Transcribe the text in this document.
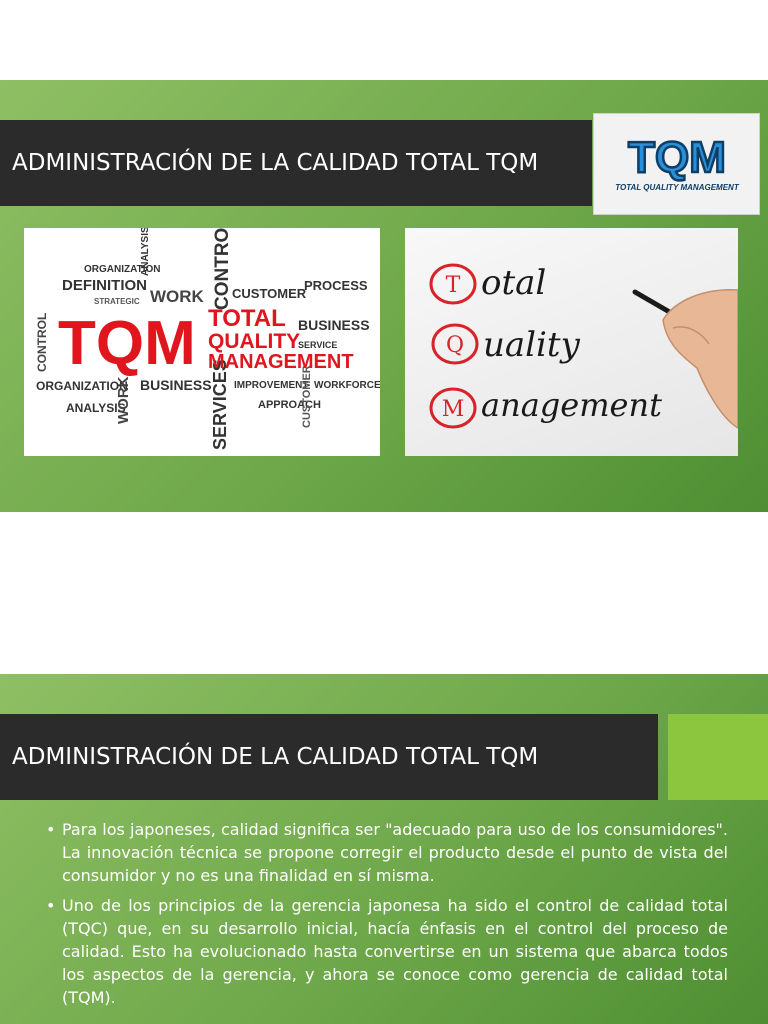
ADMINISTRACIÓN DE LA CALIDAD TOTAL TQM	TQM
TOTAL QUALITY MANAGEMENT
ORGANIZATION
DEFINITION
STRATEGIC WORK
ANALYSIS	CONTROL CUSTOMER
PROCESS
BUSINESS
SERVICE
ORGANIZATION BUSINESS IMPROVEMENT WORKFORCE
ANALYSIS
WORK	SERVICES	APPROACH
CUSTOMER
CONTROL TQM TOTAL
QUALITY
MANAGEMENT
T otal
Q uality
M anagement
ADMINISTRACIÓN DE LA CALIDAD TOTAL TQM
• Para los japoneses, calidad significa ser "adecuado para uso de los consumidores". La innovación técnica se propone corregir el producto desde el punto de vista del consumidor y no es una finalidad en sí misma.
• Uno de los principios de la gerencia japonesa ha sido el control de calidad total (TQC) que, en su desarrollo inicial, hacía énfasis en el control del proceso de calidad. Esto ha evolucionado hasta convertirse en un sistema que abarca todos los aspectos de la gerencia, y ahora se conoce como gerencia de calidad total (TQM).
